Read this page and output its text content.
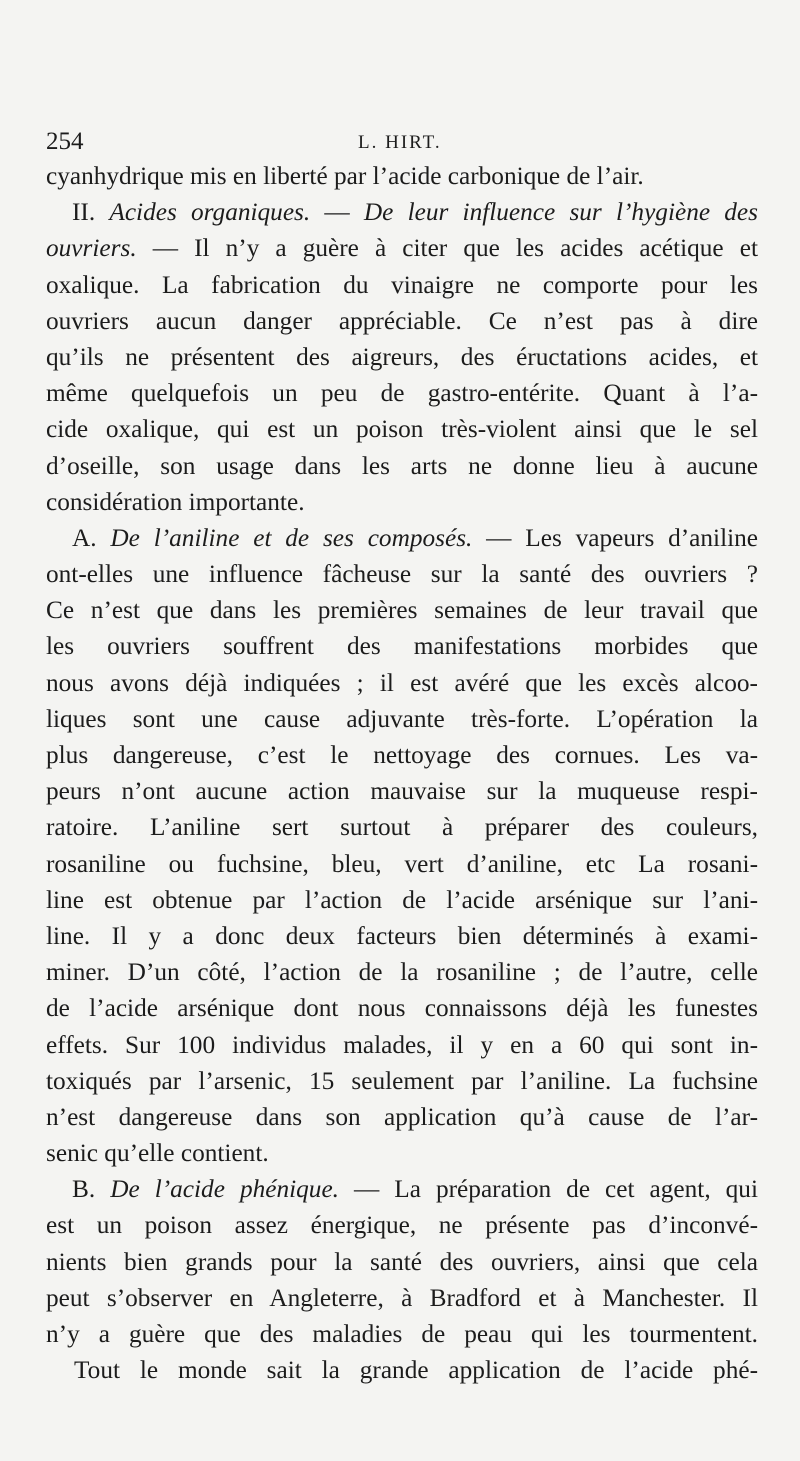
254	L. HIRT.
cyanhydrique mis en liberté par l’acide carbonique de l’air.
II. Acides organiques. — De leur influence sur l’hygiène des
ouvriers. — Il n’y a guère à citer que les acides acétique et
oxalique. La fabrication du vinaigre ne comporte pour les
ouvriers aucun danger appréciable. Ce n’est pas à dire
qu’ils ne présentent des aigreurs, des éructations acides, et
même quelquefois un peu de gastro-entérite. Quant à l’a-
cide oxalique, qui est un poison très-violent ainsi que le sel
d’oseille, son usage dans les arts ne donne lieu à aucune
considération importante.
A. De l’aniline et de ses composés. — Les vapeurs d’aniline
ont-elles une influence fâcheuse sur la santé des ouvriers ?
Ce n’est que dans les premières semaines de leur travail que
les ouvriers souffrent des manifestations morbides que
nous avons déjà indiquées ; il est avéré que les excès alcoo-
liques sont une cause adjuvante très-forte. L’opération la
plus dangereuse, c’est le nettoyage des cornues. Les va-
peurs n’ont aucune action mauvaise sur la muqueuse respi-
ratoire. L’aniline sert surtout à préparer des couleurs,
rosaniline ou fuchsine, bleu, vert d’aniline, etc La rosani-
line est obtenue par l’action de l’acide arsénique sur l’ani-
line. Il y a donc deux facteurs bien déterminés à exami-
miner. D’un côté, l’action de la rosaniline ; de l’autre, celle
de l’acide arsénique dont nous connaissons déjà les funestes
effets. Sur 100 individus malades, il y en a 60 qui sont in-
toxiqués par l’arsenic, 15 seulement par l’aniline. La fuchsine
n’est dangereuse dans son application qu’à cause de l’ar-
senic qu’elle contient.
B. De l’acide phénique. — La préparation de cet agent, qui
est un poison assez énergique, ne présente pas d’inconvé-
nients bien grands pour la santé des ouvriers, ainsi que cela
peut s’observer en Angleterre, à Bradford et à Manchester. Il
n’y a guère que des maladies de peau qui les tourmentent.
Tout le monde sait la grande application de l’acide phé-
